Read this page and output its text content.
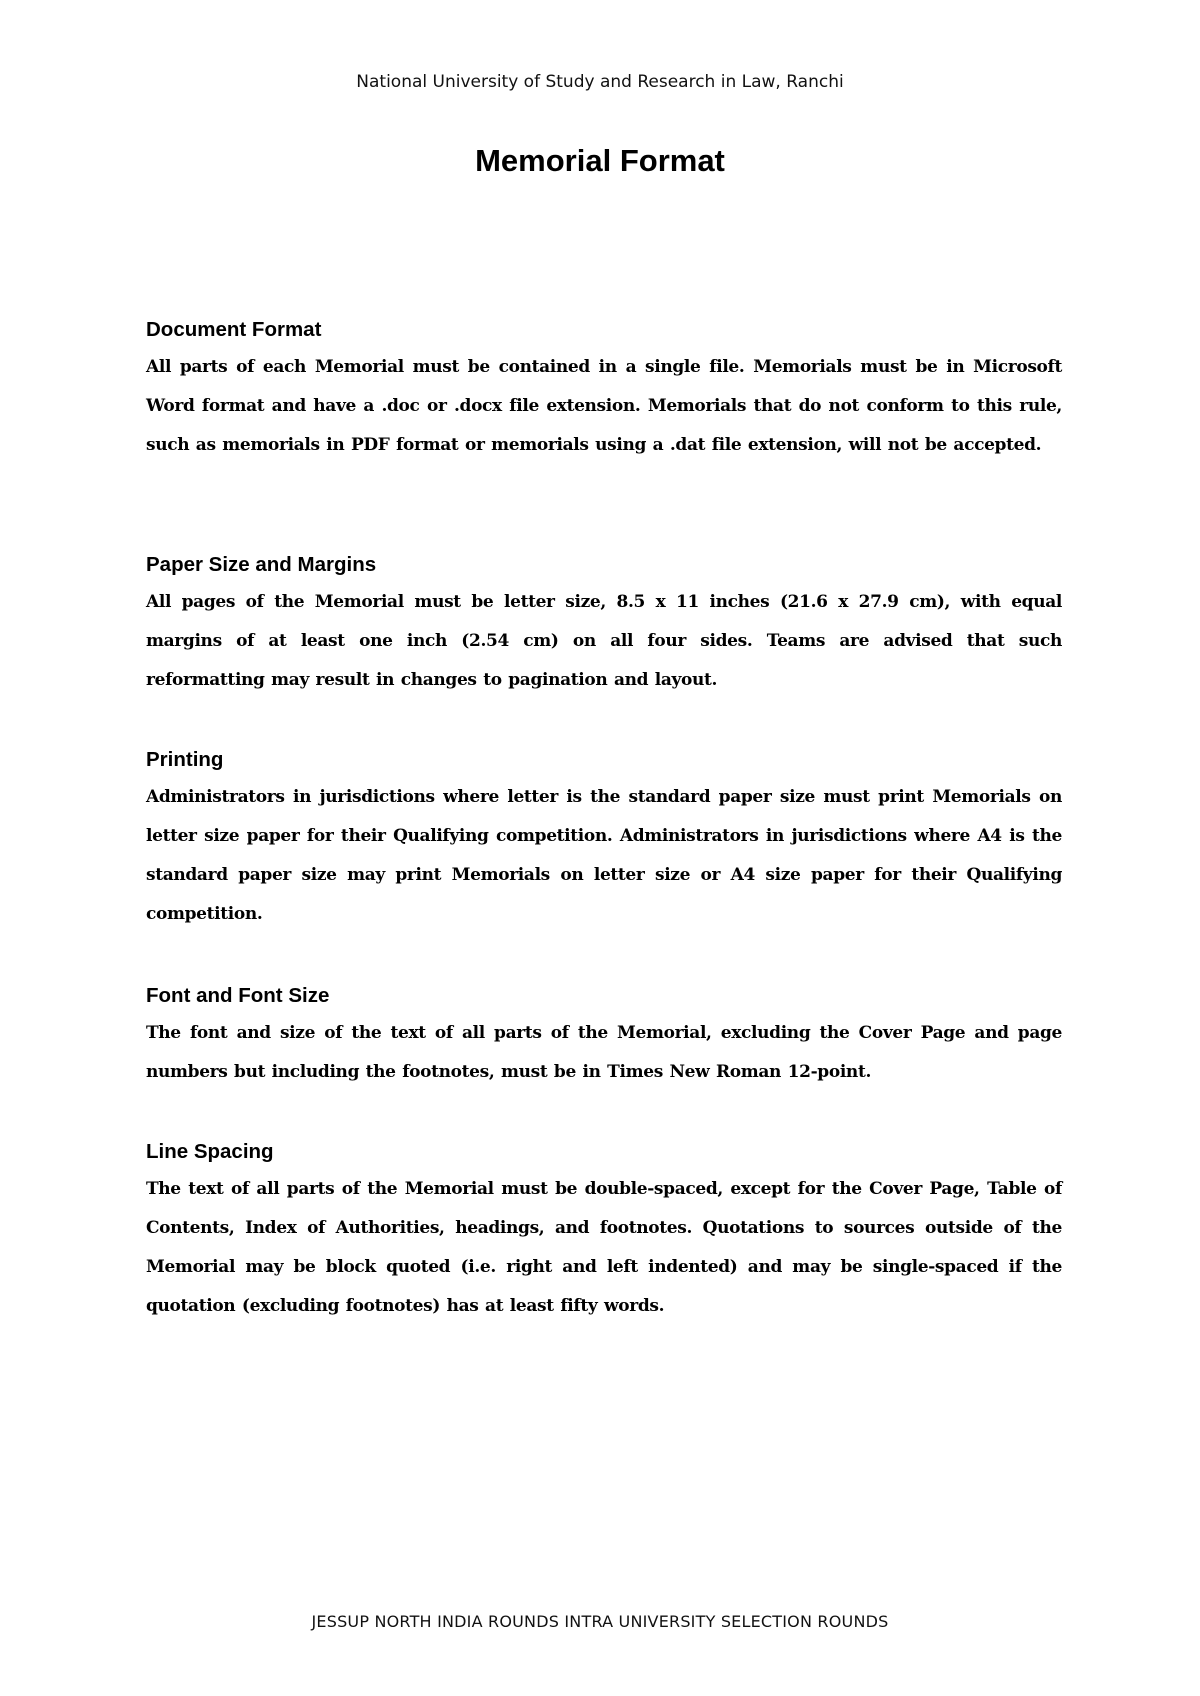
National University of Study and Research in Law, Ranchi
Memorial Format
Document Format

All parts of each Memorial must be contained in a single file. Memorials must be in Microsoft Word format and have a .doc or .docx file extension. Memorials that do not conform to this rule, such as memorials in PDF format or memorials using a .dat file extension, will not be accepted.

Paper Size and Margins

All pages of the Memorial must be letter size, 8.5 x 11 inches (21.6 x 27.9 cm), with equal margins of at least one inch (2.54 cm) on all four sides. Teams are advised that such reformatting may result in changes to pagination and layout.

Printing

Administrators in jurisdictions where letter is the standard paper size must print Memorials on letter size paper for their Qualifying competition. Administrators in jurisdictions where A4 is the standard paper size may print Memorials on letter size or A4 size paper for their Qualifying competition.

Font and Font Size

The font and size of the text of all parts of the Memorial, excluding the Cover Page and page numbers but including the footnotes, must be in Times New Roman 12-point.

Line Spacing

The text of all parts of the Memorial must be double-spaced, except for the Cover Page, Table of Contents, Index of Authorities, headings, and footnotes. Quotations to sources outside of the Memorial may be block quoted (i.e. right and left indented) and may be single-spaced if the quotation (excluding footnotes) has at least fifty words.

JESSUP NORTH INDIA ROUNDS INTRA UNIVERSITY SELECTION ROUNDS
